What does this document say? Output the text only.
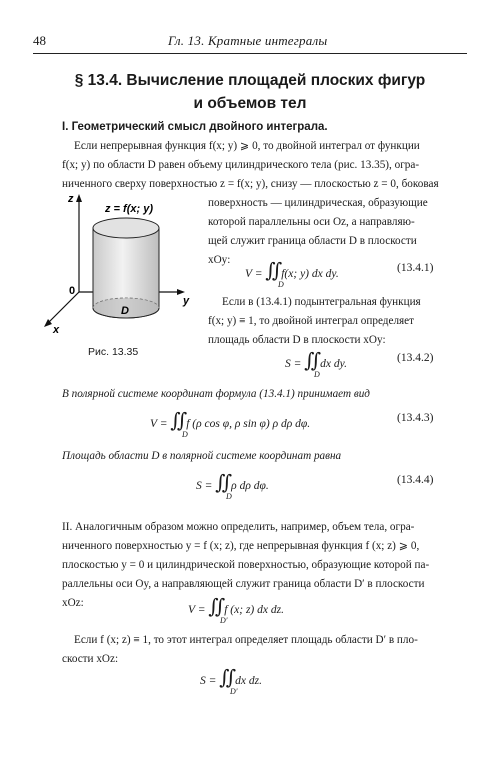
48	Гл. 13. Кратные интегралы
§ 13.4. Вычисление площадей плоских фигур
и объемов тел
I. Геометрический смысл двойного интеграла.
Если непрерывная функция f(x; y) ⩾ 0, то двойной интеграл от функции
f(x; y) по области D равен объему цилиндрического тела (рис. 13.35), огра-
ниченного сверху поверхностью z = f(x; y), снизу — плоскостью z = 0, боковая
поверхность — цилиндрическая, образующие
которой параллельны оси Oz, а направляю-
щей служит граница области D в плоскости
xOy:
z
y
x
0
z = f(x; y)
D
Рис. 13.35
V = ∬ f(x; y) dx dy.
D
(13.4.1)
Если в (13.4.1) подынтегральная функция
f(x; y) ≡ 1, то двойной интеграл определяет
площадь области D в плоскости xOy:
S = ∬ dx dy.
D
(13.4.2)
В полярной системе координат формула (13.4.1) принимает вид
V = ∬ f (ρ cos φ, ρ sin φ) ρ dρ dφ.
D
(13.4.3)
Площадь области D в полярной системе координат равна
S = ∬ ρ dρ dφ.
D
(13.4.4)
II. Аналогичным образом можно определить, например, объем тела, огра-
ниченного поверхностью y = f (x; z), где непрерывная функция f (x; z) ⩾ 0,
плоскостью y = 0 и цилиндрической поверхностью, образующие которой па-
раллельны оси Oy, а направляющей служит граница области D′ в плоскости
xOz:
V = ∬ f (x; z) dx dz.
D′
Если f (x; z) ≡ 1, то этот интеграл определяет площадь области D′ в пло-
скости xOz:
S = ∬ dx dz.
D′
